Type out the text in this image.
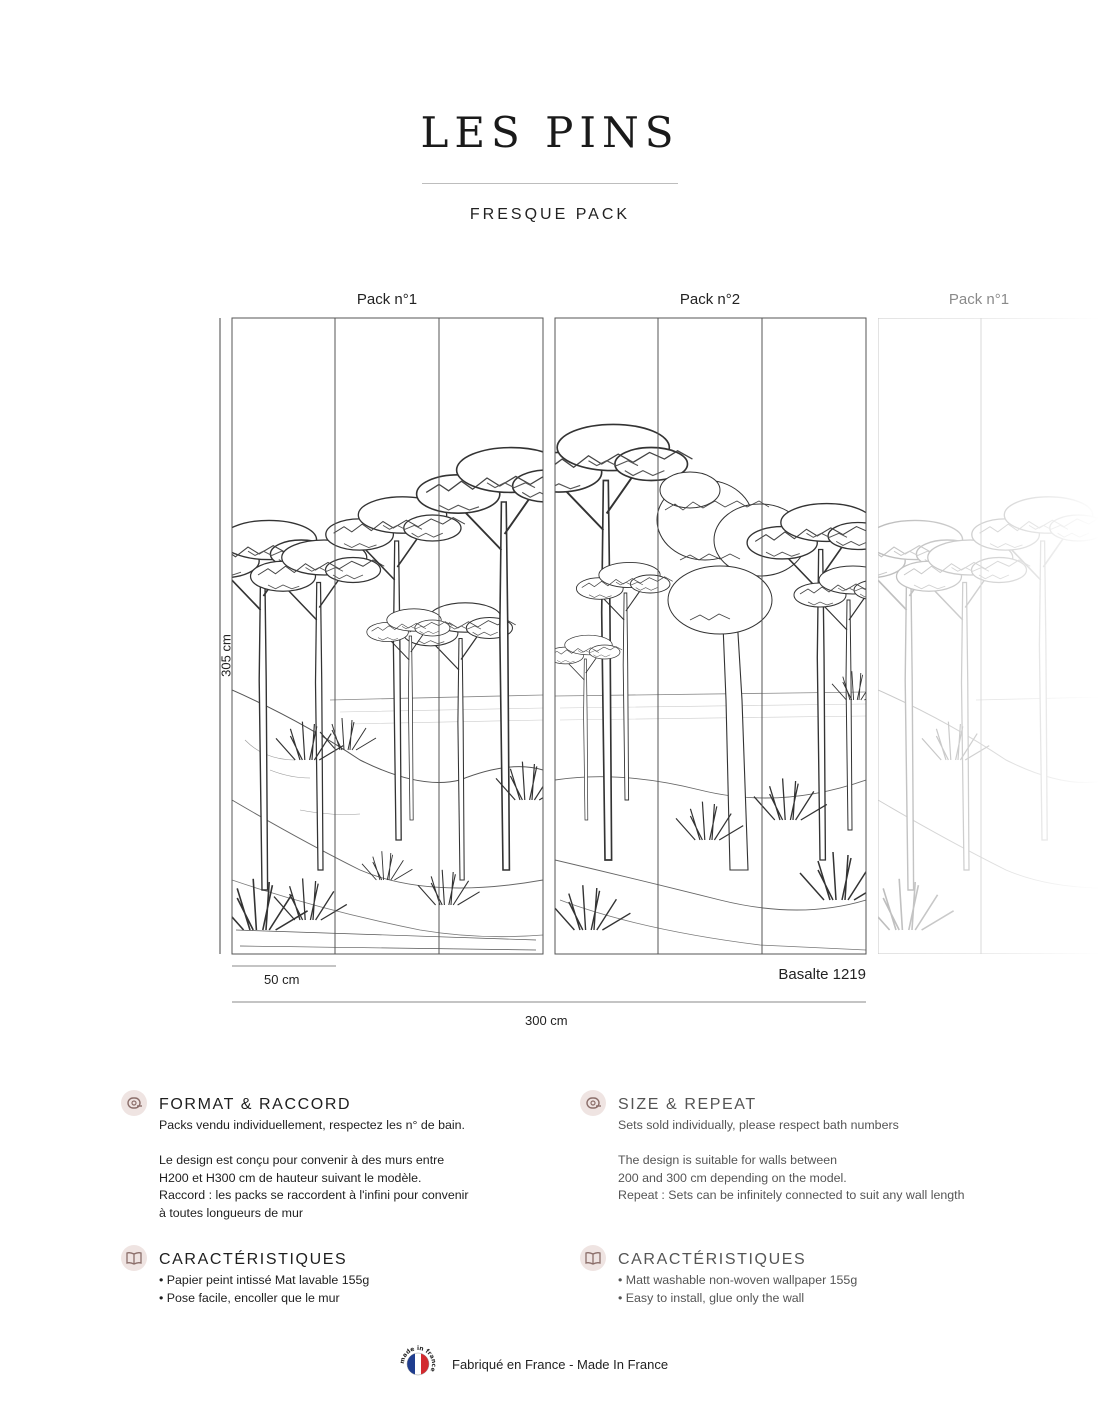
LES PINS
FRESQUE PACK
Pack n°1	Pack n°2	Pack n°1
305 cm
50 cm
300 cm
Basalte 1219
FORMAT & RACCORD

Packs vendu individuellement, respectez les n° de bain.

Le design est conçu pour convenir à des murs entre

H200 et H300 cm de hauteur suivant le modèle.

Raccord : les packs se raccordent à l'infini pour convenir

à toutes longueurs de mur

SIZE & REPEAT

Sets sold individually, please respect bath numbers

The design is suitable for walls between

200 and 300 cm depending on the model.

Repeat : Sets can be infinitely connected to suit any wall length

CARACTÉRISTIQUES

• Papier peint intissé Mat lavable 155g

• Pose facile, encoller que le mur

CARACTÉRISTIQUES

• Matt washable non-woven wallpaper 155g

• Easy to install, glue only the wall

made in france Fabriqué en France - Made In France
